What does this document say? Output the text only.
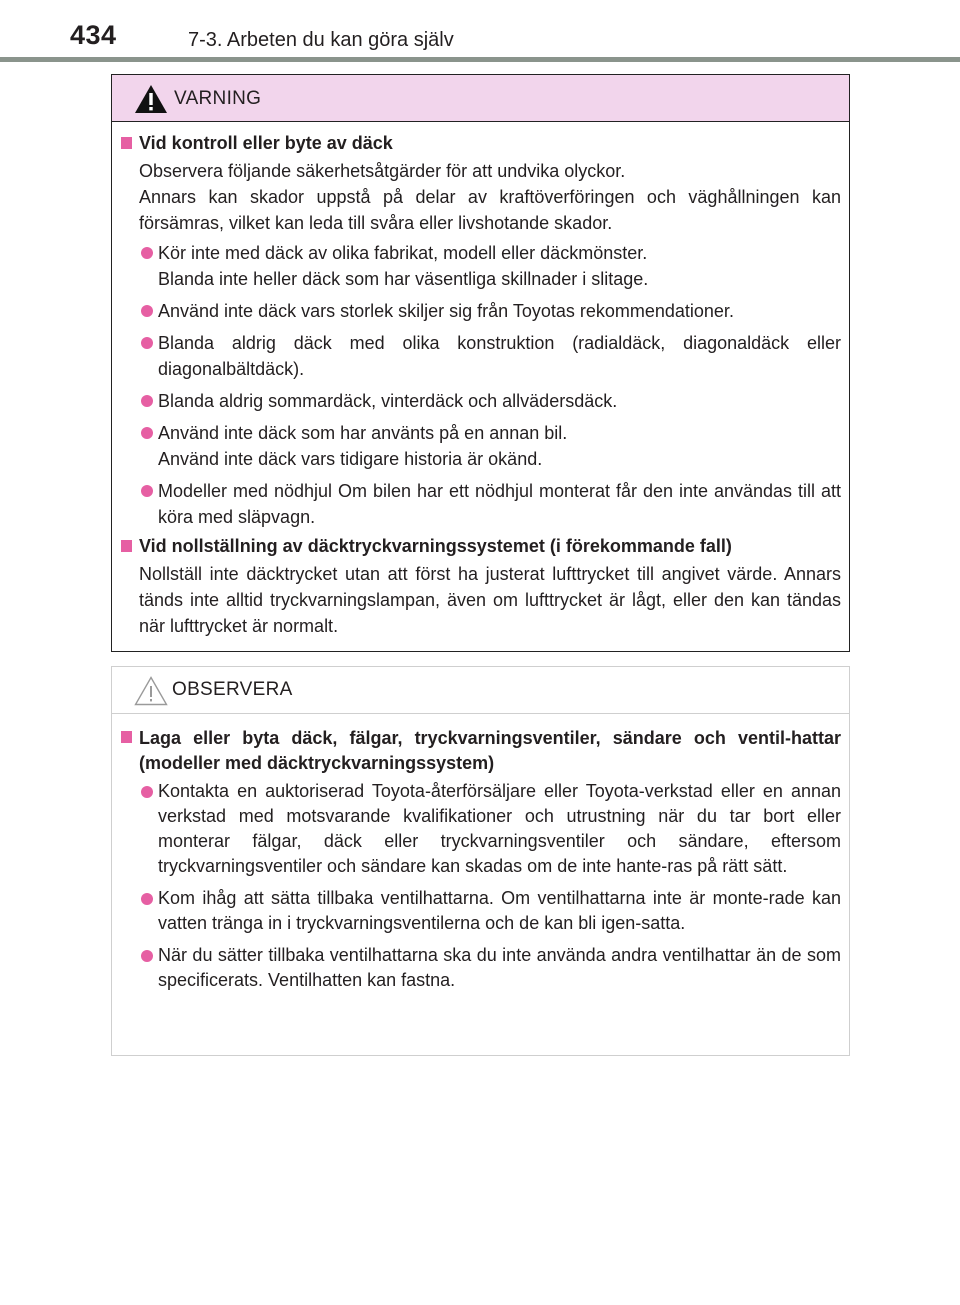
434	7-3. Arbeten du kan göra själv
VARNING
Vid kontroll eller byte av däck
Observera följande säkerhetsåtgärder för att undvika olyckor.
Annars kan skador uppstå på delar av kraftöverföringen och väghållningen kan försämras, vilket kan leda till svåra eller livshotande skador.
Kör inte med däck av olika fabrikat, modell eller däckmönster.
Blanda inte heller däck som har väsentliga skillnader i slitage.
Använd inte däck vars storlek skiljer sig från Toyotas rekommendationer.
Blanda aldrig däck med olika konstruktion (radialdäck, diagonaldäck eller diagonalbältdäck).
Blanda aldrig sommardäck, vinterdäck och allvädersdäck.
Använd inte däck som har använts på en annan bil.
Använd inte däck vars tidigare historia är okänd.
Modeller med nödhjul Om bilen har ett nödhjul monterat får den inte användas till att köra med släpvagn.
Vid nollställning av däcktryckvarningssystemet (i förekommande fall)
Nollställ inte däcktrycket utan att först ha justerat lufttrycket till angivet värde. Annars tänds inte alltid tryckvarningslampan, även om lufttrycket är lågt, eller den kan tändas när lufttrycket är normalt.
OBSERVERA
Laga eller byta däck, fälgar, tryckvarningsventiler, sändare och ventil-hattar (modeller med däcktryckvarningssystem)
Kontakta en auktoriserad Toyota-återförsäljare eller Toyota-verkstad eller en annan verkstad med motsvarande kvalifikationer och utrustning när du tar bort eller monterar fälgar, däck eller tryckvarningsventiler och sändare, eftersom tryckvarningsventiler och sändare kan skadas om de inte hante-ras på rätt sätt.
Kom ihåg att sätta tillbaka ventilhattarna. Om ventilhattarna inte är monte-rade kan vatten tränga in i tryckvarningsventilerna och de kan bli igen-satta.
När du sätter tillbaka ventilhattarna ska du inte använda andra ventilhattar än de som specificerats. Ventilhatten kan fastna.
